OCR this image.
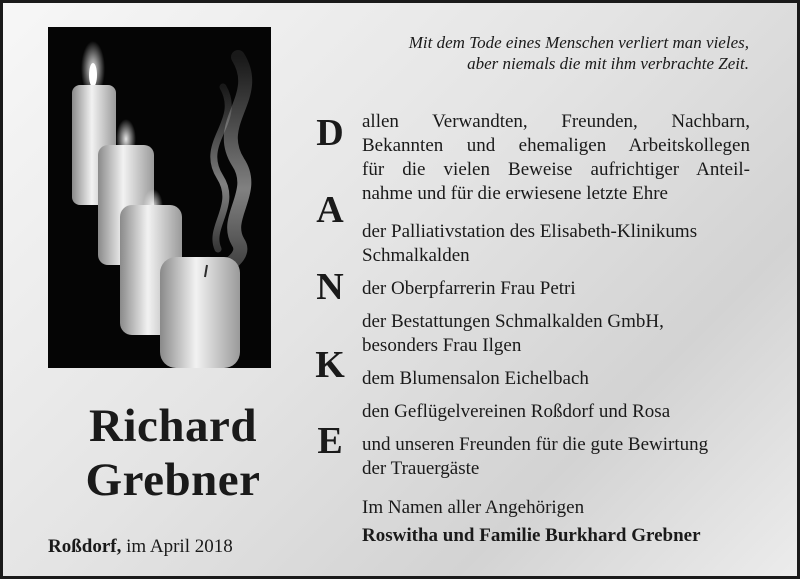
Mit dem Tode eines Menschen verliert man vieles,
aber niemals die mit ihm verbrachte Zeit.
Richard
Grebner
Roßdorf, im April 2018
D
A
N
K
E
allen Verwandten, Freunden, Nachbarn,
Bekannten und ehemaligen Arbeitskollegen
für die vielen Beweise aufrichtiger Anteil-
nahme und für die erwiesene letzte Ehre
der Palliativstation des Elisabeth-Klinikums
Schmalkalden
der Oberpfarrerin Frau Petri
der Bestattungen Schmalkalden GmbH,
besonders Frau Ilgen
dem Blumensalon Eichelbach
den Geflügelvereinen Roßdorf und Rosa
und unseren Freunden für die gute Bewirtung
der Trauergäste
Im Namen aller Angehörigen
Roswitha und Familie Burkhard Grebner
